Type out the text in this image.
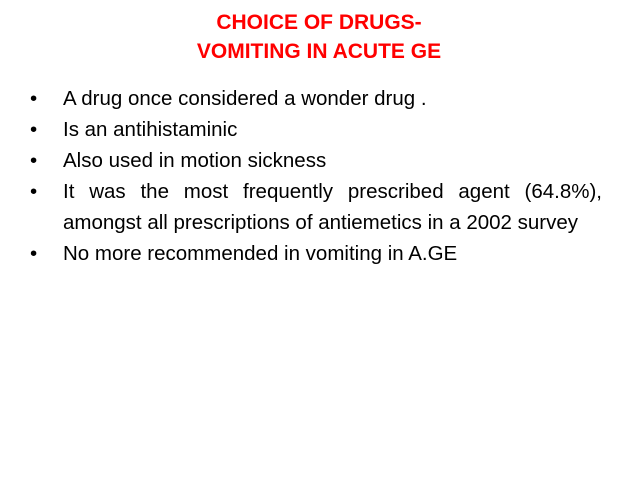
CHOICE OF DRUGS-
VOMITING IN ACUTE GE
•	A drug once considered a wonder drug .
•	Is an antihistaminic
•	Also used in motion sickness
•	It was the most frequently prescribed agent (64.8%), amongst all prescriptions of antiemetics in a 2002 survey
•	No more recommended in vomiting in A.GE
